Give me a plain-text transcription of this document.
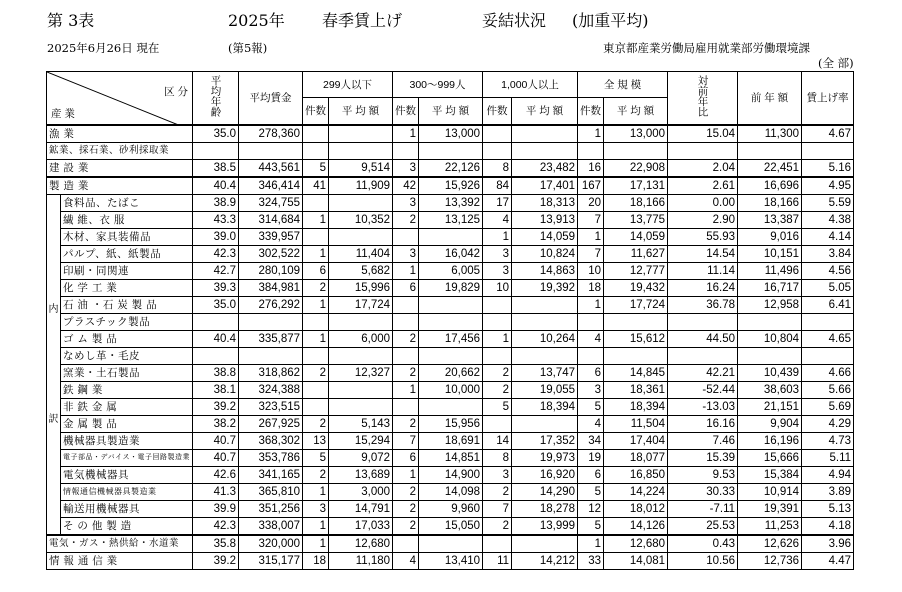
第 3表	2025年 春季賃上げ	妥結状況 (加重平均)
2025年6月26日 現在	(第5報)	東京都産業労働局雇用就業部労働環境課
(全 部)
区 分
産 業		平均年齢	平均賃金	299人以下		300〜999人		1,000人以上		全 規 模		対前年比	前 年 額	賃上げ率
				件数	平 均 額	件数	平 均 額	件数	平 均 額	件数	平 均 額			
漁 業		35.0	278,360			1	13,000			1	13,000	15.04	11,300	4.67
鉱業、採石業、砂利採取業														
建 設 業		38.5	443,561	5	9,514	3	22,126	8	23,482	16	22,908	2.04	22,451	5.16
製 造 業		40.4	346,414	41	11,909	42	15,926	84	17,401	167	17,131	2.61	16,696	4.95
内訳	食料品、たばこ	38.9	324,755			3	13,392	17	18,313	20	18,166	0.00	18,166	5.59
	繊 維、衣 服	43.3	314,684	1	10,352	2	13,125	4	13,913	7	13,775	2.90	13,387	4.38
	木材、家具装備品	39.0	339,957					1	14,059	1	14,059	55.93	9,016	4.14
	パルプ、紙、紙製品	42.3	302,522	1	11,404	3	16,042	3	10,824	7	11,627	14.54	10,151	3.84
	印刷・同関連	42.7	280,109	6	5,682	1	6,005	3	14,863	10	12,777	11.14	11,496	4.56
	化 学 工 業	39.3	384,981	2	15,996	6	19,829	10	19,392	18	19,432	16.24	16,717	5.05
	石 油 ・石 炭 製 品	35.0	276,292	1	17,724					1	17,724	36.78	12,958	6.41
	プラスチック製品													
	ゴ ム 製 品	40.4	335,877	1	6,000	2	17,456	1	10,264	4	15,612	44.50	10,804	4.65
	なめし革・毛皮													
	窯業・土石製品	38.8	318,862	2	12,327	2	20,662	2	13,747	6	14,845	42.21	10,439	4.66
	鉄 鋼 業	38.1	324,388			1	10,000	2	19,055	3	18,361	-52.44	38,603	5.66
	非 鉄 金 属	39.2	323,515					5	18,394	5	18,394	-13.03	21,151	5.69
	金 属 製 品	38.2	267,925	2	5,143	2	15,956			4	11,504	16.16	9,904	4.29
	機械器具製造業	40.7	368,302	13	15,294	7	18,691	14	17,352	34	17,404	7.46	16,196	4.73
	電子部品・デバイス・電子回路製造業	40.7	353,786	5	9,072	6	14,851	8	19,973	19	18,077	15.39	15,666	5.11
	電気機械器具	42.6	341,165	2	13,689	1	14,900	3	16,920	6	16,850	9.53	15,384	4.94
	情報通信機械器具製造業	41.3	365,810	1	3,000	2	14,098	2	14,290	5	14,224	30.33	10,914	3.89
	輸送用機械器具	39.9	351,256	3	14,791	2	9,960	7	18,278	12	18,012	-7.11	19,391	5.13
	そ の 他 製 造	42.3	338,007	1	17,033	2	15,050	2	13,999	5	14,126	25.53	11,253	4.18
電気・ガス・熱供給・水道業		35.8	320,000	1	12,680					1	12,680	0.43	12,626	3.96
情 報 通 信 業		39.2	315,177	18	11,180	4	13,410	11	14,212	33	14,081	10.56	12,736	4.47
